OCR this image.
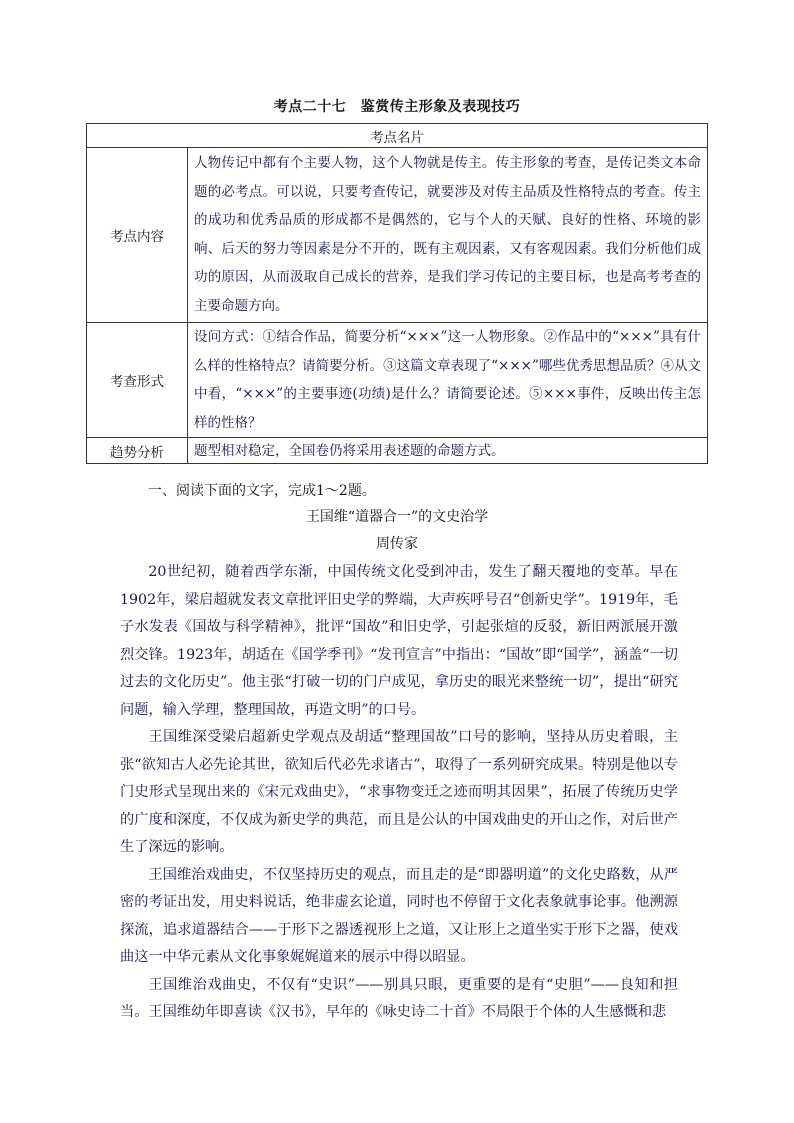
考点二十七　鉴赏传主形象及表现技巧
考点名片	
考点内容	人物传记中都有个主要人物，这个人物就是传主。传主形象的考查，是传记类文本命题的必考点。可以说，只要考查传记，就要涉及对传主品质及性格特点的考查。传主的成功和优秀品质的形成都不是偶然的，它与个人的天赋、良好的性格、环境的影响、后天的努力等因素是分不开的，既有主观因素，又有客观因素。我们分析他们成功的原因，从而汲取自己成长的营养，是我们学习传记的主要目标，也是高考考查的主要命题方向。
考查形式	设问方式：①结合作品，简要分析“×××”这一人物形象。②作品中的“×××”具有什么样的性格特点？请简要分析。③这篇文章表现了“×××”哪些优秀思想品质？④从文中看，“×××”的主要事迹(功绩)是什么？请简要论述。⑤×××事件，反映出传主怎样的性格？
趋势分析	题型相对稳定，全国卷仍将采用表述题的命题方式。
一、阅读下面的文字，完成1～2题。
王国维“道器合一”的文史治学
周传家

20世纪初，随着西学东渐，中国传统文化受到冲击，发生了翻天覆地的变革。早在1902年，梁启超就发表文章批评旧史学的弊端，大声疾呼号召“创新史学”。1919年，毛子水发表《国故与科学精神》，批评“国故”和旧史学，引起张煊的反驳，新旧两派展开激烈交锋。1923年，胡适在《国学季刊》“发刊宣言”中指出：“国故”即“国学”，涵盖“一切过去的文化历史”。他主张“打破一切的门户成见，拿历史的眼光来整统一切”，提出“研究问题，输入学理，整理国故，再造文明”的口号。

王国维深受梁启超新史学观点及胡适“整理国故”口号的影响，坚持从历史着眼，主张“欲知古人必先论其世，欲知后代必先求诸古”，取得了一系列研究成果。特别是他以专门史形式呈现出来的《宋元戏曲史》，“求事物变迁之迹而明其因果”，拓展了传统历史学的广度和深度，不仅成为新史学的典范，而且是公认的中国戏曲史的开山之作，对后世产生了深远的影响。

王国维治戏曲史，不仅坚持历史的观点，而且走的是“即器明道”的文化史路数，从严密的考证出发，用史料说话，绝非虚玄论道，同时也不停留于文化表象就事论事。他溯源探流，追求道器结合——于形下之器透视形上之道，又让形上之道坐实于形下之器，使戏曲这一中华元素从文化事象娓娓道来的展示中得以昭显。

王国维治戏曲史，不仅有“史识”——别具只眼，更重要的是有“史胆”——良知和担当。王国维幼年即喜读《汉书》，早年的《咏史诗二十首》不局限于个体的人生感慨和悲
